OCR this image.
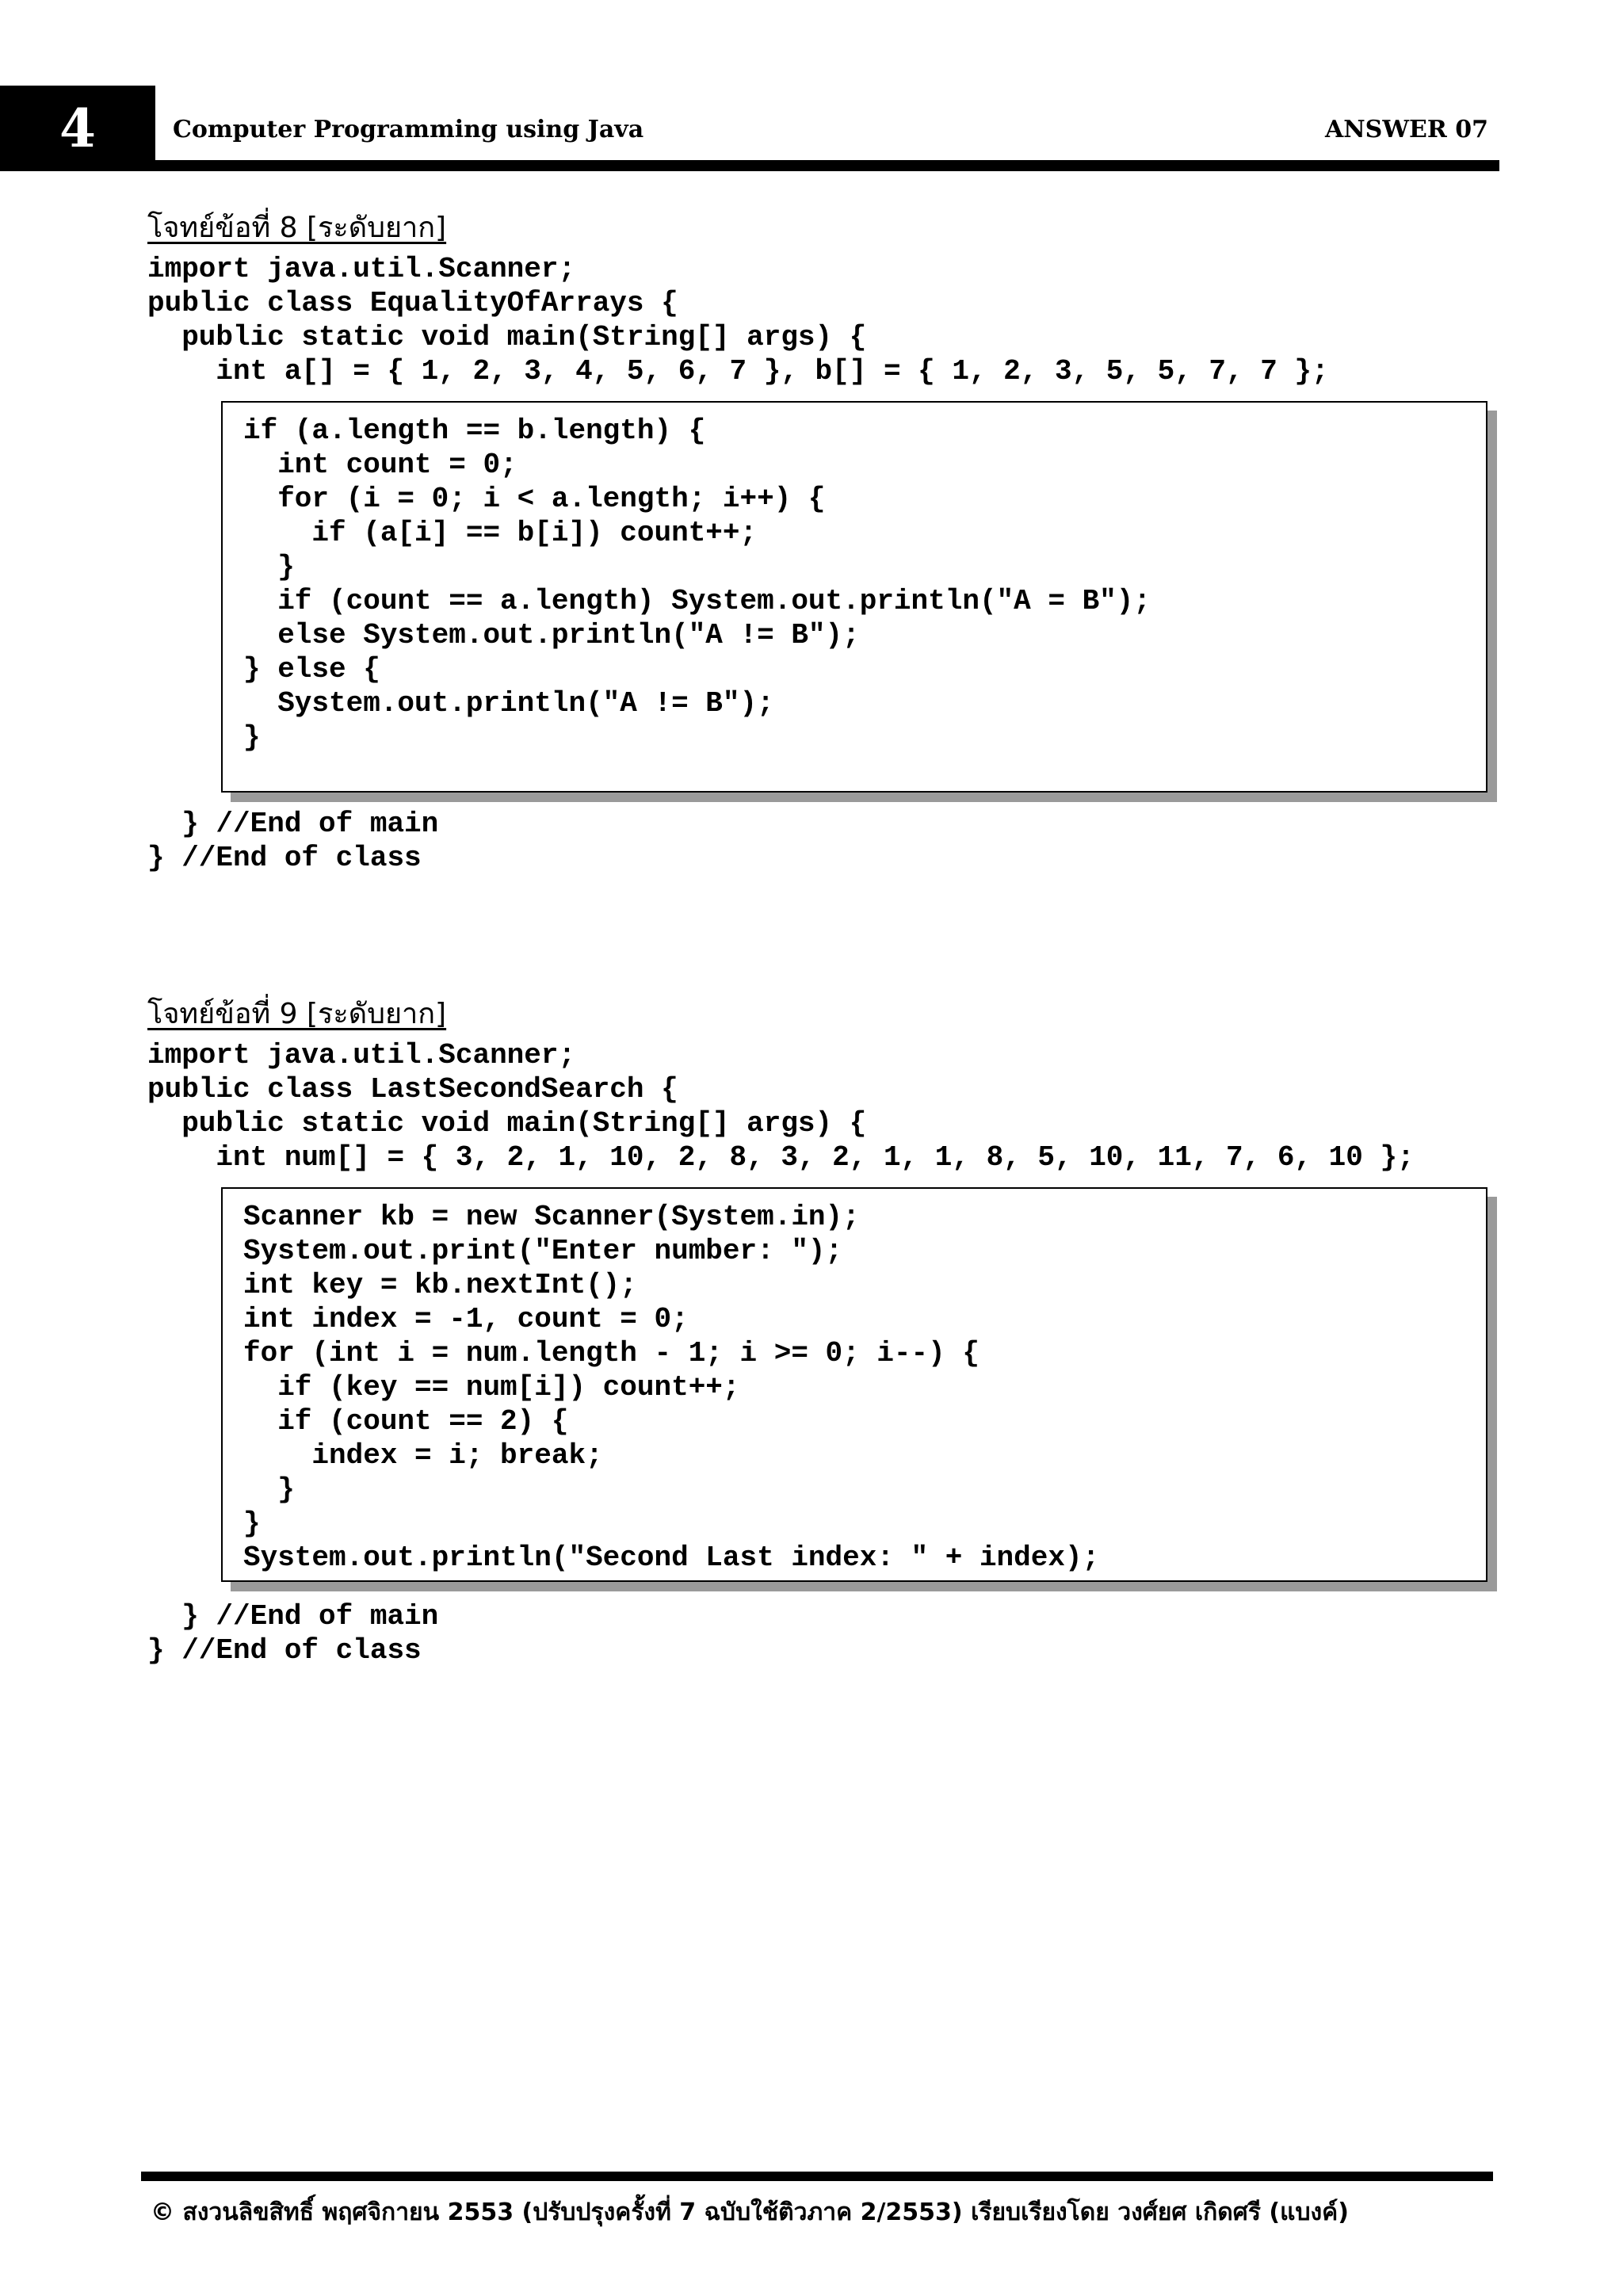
4	Computer Programming using Java	ANSWER 07
โจทย์ข้อที่ 8 [ระดับยาก]
import java.util.Scanner;
public class EqualityOfArrays {
public static void main(String[] args) {
int a[] = { 1, 2, 3, 4, 5, 6, 7 }, b[] = { 1, 2, 3, 5, 5, 7, 7 };
if (a.length == b.length) {
int count = 0;
for (i = 0; i < a.length; i++) {
if (a[i] == b[i]) count++;
}
if (count == a.length) System.out.println("A = B");
else System.out.println("A != B");
} else {
System.out.println("A != B");
}
} //End of main
} //End of class
โจทย์ข้อที่ 9 [ระดับยาก]
import java.util.Scanner;
public class LastSecondSearch {
public static void main(String[] args) {
int num[] = { 3, 2, 1, 10, 2, 8, 3, 2, 1, 1, 8, 5, 10, 11, 7, 6, 10 };
Scanner kb = new Scanner(System.in);
System.out.print("Enter number: ");
int key = kb.nextInt();
int index = -1, count = 0;
for (int i = num.length - 1; i >= 0; i--) {
if (key == num[i]) count++;
if (count == 2) {
index = i; break;
}
}
System.out.println("Second Last index: " + index);
} //End of main
} //End of class
© สงวนลิขสิทธิ์ พฤศจิกายน 2553 (ปรับปรุงครั้งที่ 7 ฉบับใช้ติวภาค 2/2553) เรียบเรียงโดย วงศ์ยศ เกิดศรี (แบงค์)
